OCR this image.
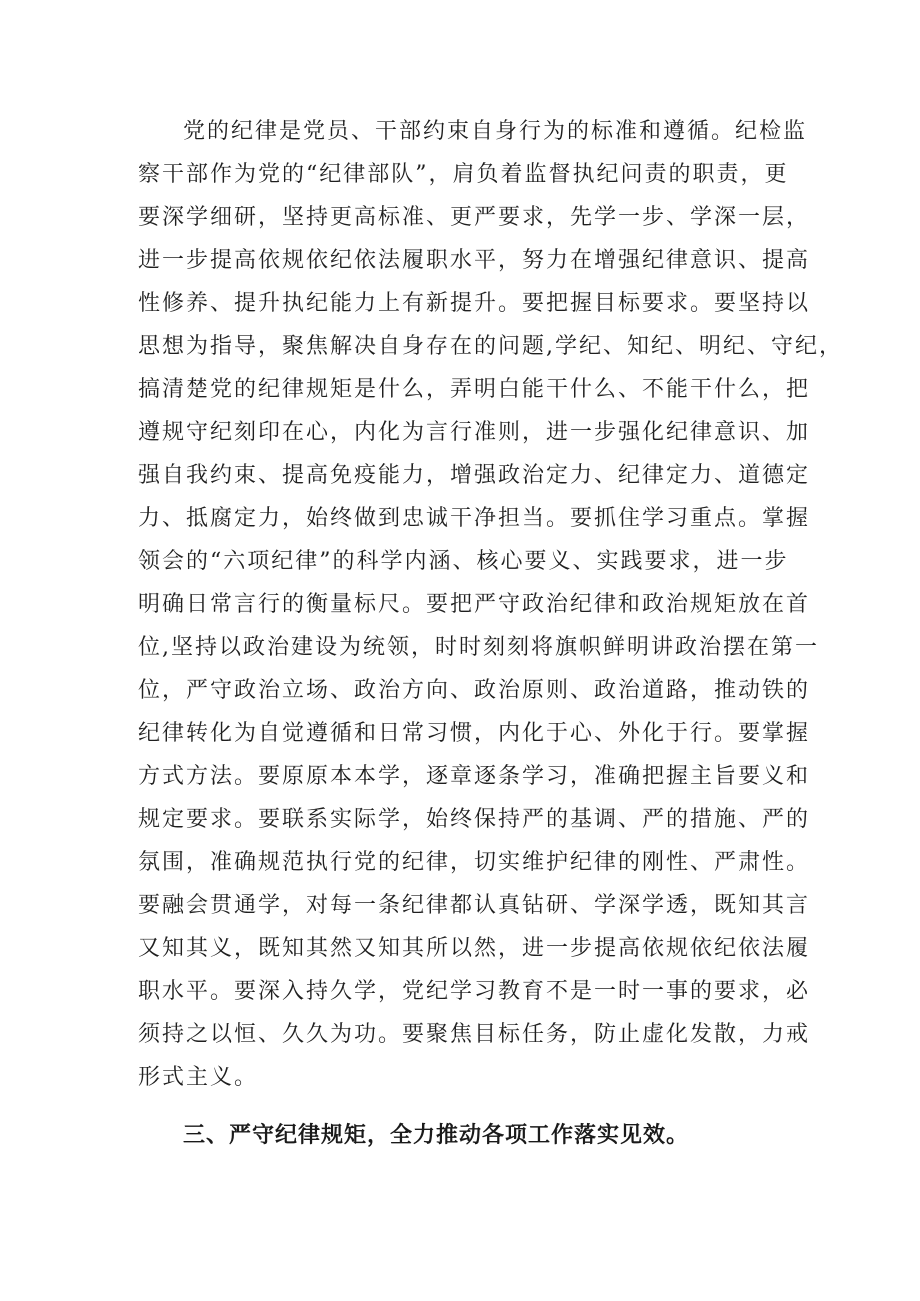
党的纪律是党员、干部约束自身行为的标准和遵循。纪检监
察干部作为党的“纪律部队”，肩负着监督执纪问责的职责，更
要深学细研，坚持更高标准、更严要求，先学一步、学深一层，
进一步提高依规依纪依法履职水平，努力在增强纪律意识、提高
性修养、提升执纪能力上有新提升。要把握目标要求。要坚持以
思想为指导，聚焦解决自身存在的问题,学纪、知纪、明纪、守纪，
搞清楚党的纪律规矩是什么，弄明白能干什么、不能干什么，把
遵规守纪刻印在心，内化为言行准则，进一步强化纪律意识、加
强自我约束、提高免疫能力，增强政治定力、纪律定力、道德定
力、抵腐定力，始终做到忠诚干净担当。要抓住学习重点。掌握
领会的“六项纪律”的科学内涵、核心要义、实践要求，进一步
明确日常言行的衡量标尺。要把严守政治纪律和政治规矩放在首
位,坚持以政治建设为统领，时时刻刻将旗帜鲜明讲政治摆在第一
位，严守政治立场、政治方向、政治原则、政治道路，推动铁的
纪律转化为自觉遵循和日常习惯，内化于心、外化于行。要掌握
方式方法。要原原本本学，逐章逐条学习，准确把握主旨要义和
规定要求。要联系实际学，始终保持严的基调、严的措施、严的
氛围，准确规范执行党的纪律，切实维护纪律的刚性、严肃性。
要融会贯通学，对每一条纪律都认真钻研、学深学透，既知其言
又知其义，既知其然又知其所以然，进一步提高依规依纪依法履
职水平。要深入持久学，党纪学习教育不是一时一事的要求，必
须持之以恒、久久为功。要聚焦目标任务，防止虚化发散，力戒
形式主义。
三、严守纪律规矩，全力推动各项工作落实见效。
